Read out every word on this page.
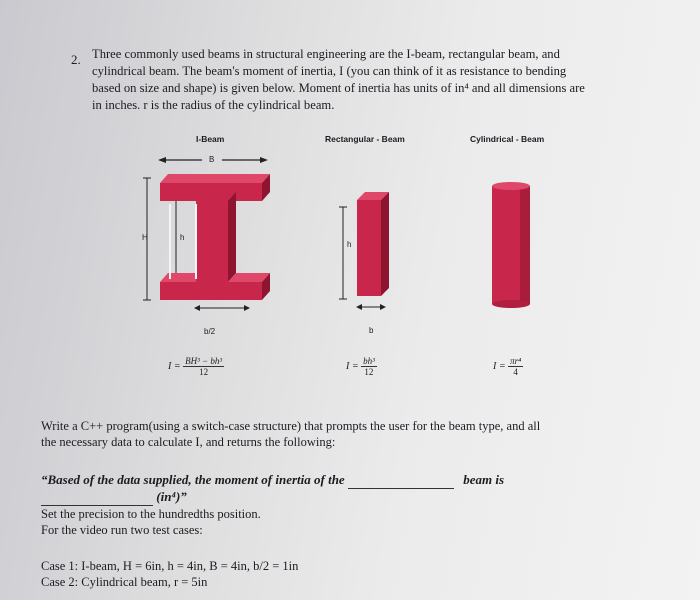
2. Three commonly used beams in structural engineering are the I-beam, rectangular beam, and
cylindrical beam. The beam's moment of inertia, I (you can think of it as resistance to bending
based on size and shape) is given below. Moment of inertia has units of in⁴ and all dimensions are
in inches. r is the radius of the cylindrical beam.
I-Beam	Rectangular - Beam	Cylindrical - Beam
B
H	h
b/2
h
b
$I = \frac{\text{BH³ − bh³}}{12}$	$I = \frac{\text{bh³}}{12}$	$I = \frac{\text{πr⁴}}{4}$
Write a C++ program(using a switch-case structure) that prompts the user for the beam type, and all
the necessary data to calculate I, and returns the following:
“Based of the data supplied, the moment of inertia of the	beam is
(in⁴)”
Set the precision to the hundredths position.
For the video run two test cases:
Case 1: I-beam, H = 6in, h = 4in, B = 4in, b/2 = 1in
Case 2: Cylindrical beam, r = 5in
